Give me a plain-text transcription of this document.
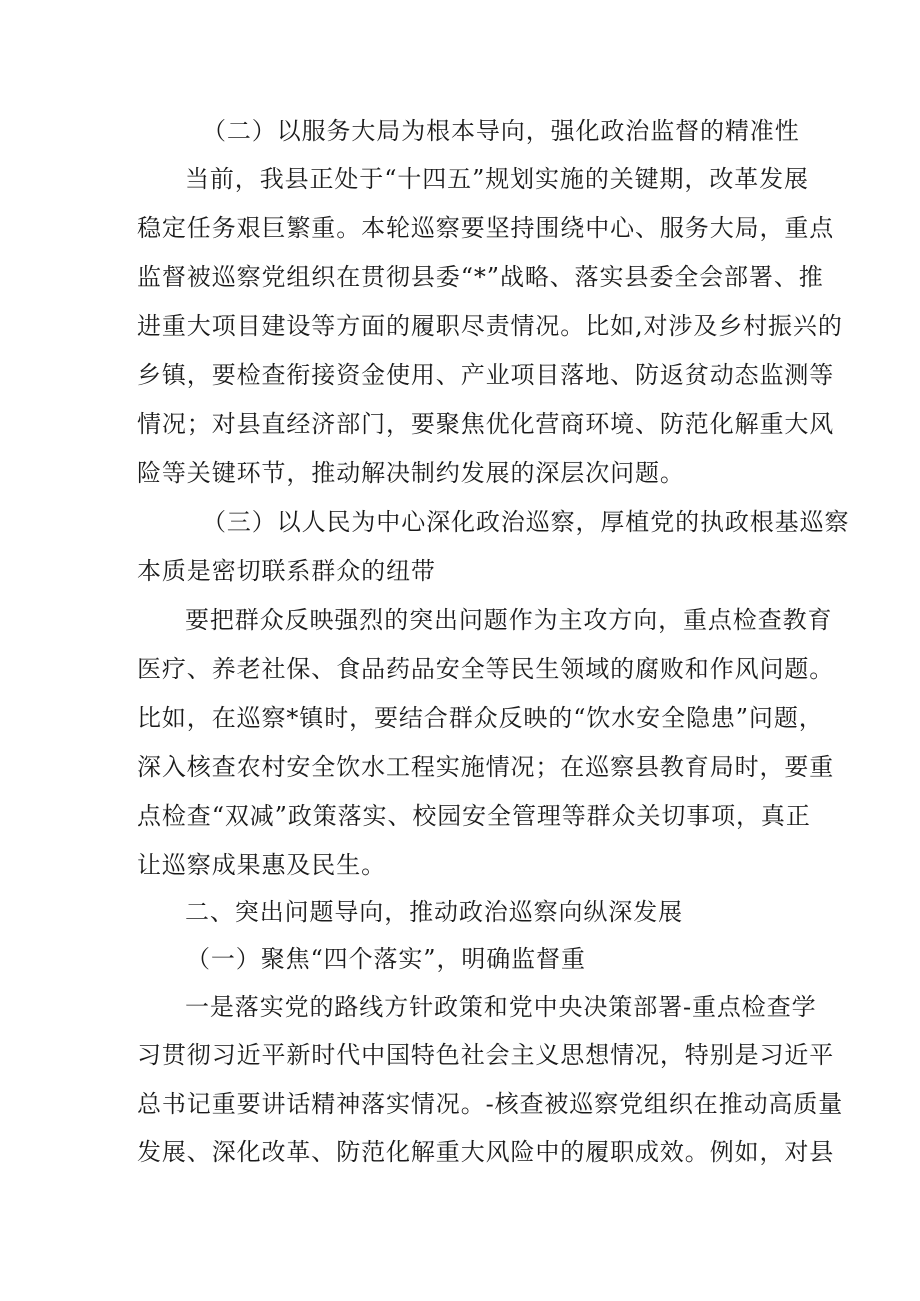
（二）以服务大局为根本导向，强化政治监督的精准性
当前，我县正处于“十四五”规划实施的关键期，改革发展
稳定任务艰巨繁重。本轮巡察要坚持围绕中心、服务大局，重点
监督被巡察党组织在贯彻县委“*”战略、落实县委全会部署、推
进重大项目建设等方面的履职尽责情况。比如,对涉及乡村振兴的
乡镇，要检查衔接资金使用、产业项目落地、防返贫动态监测等
情况；对县直经济部门，要聚焦优化营商环境、防范化解重大风
险等关键环节，推动解决制约发展的深层次问题。
（三）以人民为中心深化政治巡察，厚植党的执政根基巡察
本质是密切联系群众的纽带
要把群众反映强烈的突出问题作为主攻方向，重点检查教育
医疗、养老社保、食品药品安全等民生领域的腐败和作风问题。
比如，在巡察*镇时，要结合群众反映的“饮水安全隐患”问题，
深入核查农村安全饮水工程实施情况；在巡察县教育局时，要重
点检查“双减”政策落实、校园安全管理等群众关切事项，真正
让巡察成果惠及民生。
二、突出问题导向，推动政治巡察向纵深发展
（一）聚焦“四个落实”，明确监督重
一是落实党的路线方针政策和党中央决策部署-重点检查学
习贯彻习近平新时代中国特色社会主义思想情况，特别是习近平
总书记重要讲话精神落实情况。-核查被巡察党组织在推动高质量
发展、深化改革、防范化解重大风险中的履职成效。例如，对县
